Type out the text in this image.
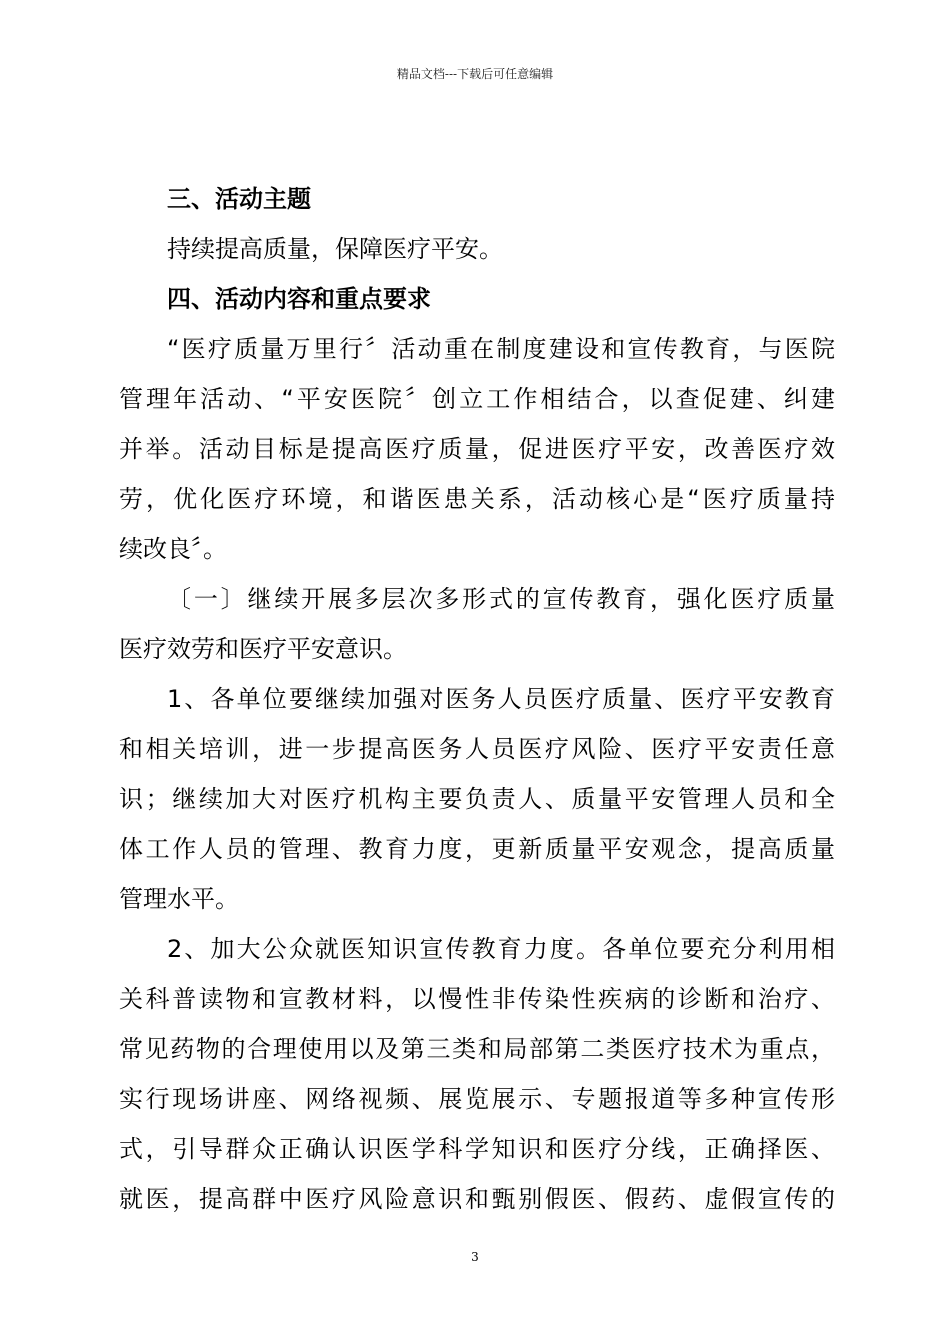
精品文档---下载后可任意编辑
三、活动主题
持续提高质量，保障医疗平安。
四、活动内容和重点要求
“医疗质量万里行〞活动重在制度建设和宣传教育，与医院
管理年活动、“平安医院〞创立工作相结合，以查促建、纠建
并举。活动目标是提高医疗质量，促进医疗平安，改善医疗效
劳，优化医疗环境，和谐医患关系，活动核心是“医疗质量持
续改良〞。
〔一〕继续开展多层次多形式的宣传教育，强化医疗质量
医疗效劳和医疗平安意识。
1、各单位要继续加强对医务人员医疗质量、医疗平安教育
和相关培训，进一步提高医务人员医疗风险、医疗平安责任意
识；继续加大对医疗机构主要负责人、质量平安管理人员和全
体工作人员的管理、教育力度，更新质量平安观念，提高质量
管理水平。
2、加大公众就医知识宣传教育力度。各单位要充分利用相
关科普读物和宣教材料，以慢性非传染性疾病的诊断和治疗、
常见药物的合理使用以及第三类和局部第二类医疗技术为重点，
实行现场讲座、网络视频、展览展示、专题报道等多种宣传形
式，引导群众正确认识医学科学知识和医疗分线，正确择医、
就医，提高群中医疗风险意识和甄别假医、假药、虚假宣传的
3
